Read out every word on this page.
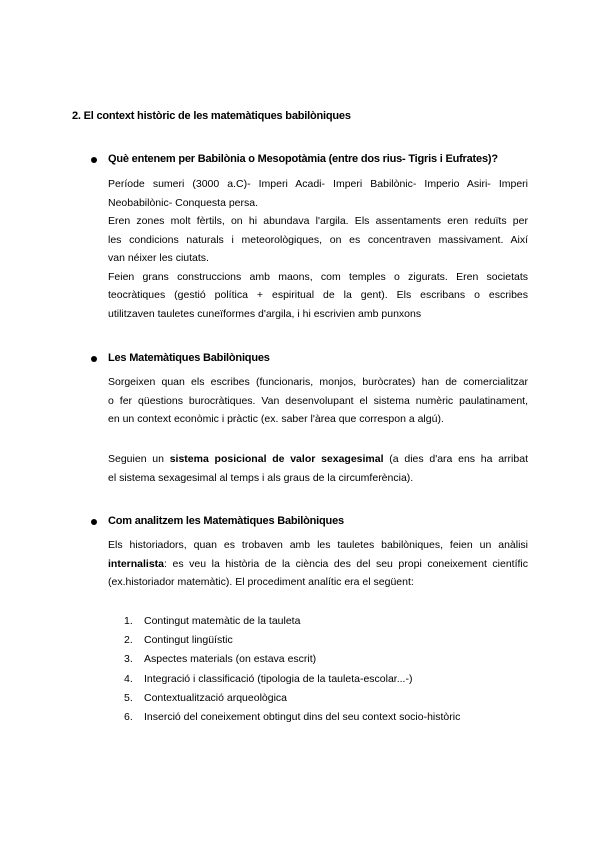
2. El context històric de les matemàtiques babilòniques
Què entenem per Babilònia o Mesopotàmia (entre dos rius- Tigris i Eufrates)?

Període sumeri (3000 a.C)- Imperi Acadi- Imperi Babilònic- Imperio Asiri- Imperi

Neobabilònic- Conquesta persa.

Eren zones molt fèrtils, on hi abundava l'argila. Els assentaments eren reduïts per

les condicions naturals i meteorològiques, on es concentraven massivament. Així

van néixer les ciutats.

Feien grans construccions amb maons, com temples o zigurats. Eren societats

teocràtiques (gestió política + espiritual de la gent). Els escribans o escribes

utilitzaven tauletes cuneïformes d'argila, i hi escrivien amb punxons

Les Matemàtiques Babilòniques

Sorgeixen quan els escribes (funcionaris, monjos, buròcrates) han de comercialitzar

o fer qüestions burocràtiques. Van desenvolupant el sistema numèric paulatinament,

en un context econòmic i pràctic (ex. saber l'àrea que correspon a algú).

Seguien un sistema posicional de valor sexagesimal (a dies d'ara ens ha arribat

el sistema sexagesimal al temps i als graus de la circumferència).

Com analitzem les Matemàtiques Babilòniques

Els historiadors, quan es trobaven amb les tauletes babilòniques, feien un anàlisi

internalista: es veu la història de la ciència des del seu propi coneixement científic

(ex.historiador matemàtic). El procediment analític era el següent:

1. Contingut matemàtic de la tauleta
2. Contingut lingüístic
3. Aspectes materials (on estava escrit)
4. Integració i classificació (tipologia de la tauleta-escolar...-)
5. Contextualització arqueològica
6. Inserció del coneixement obtingut dins del seu context socio-històric
